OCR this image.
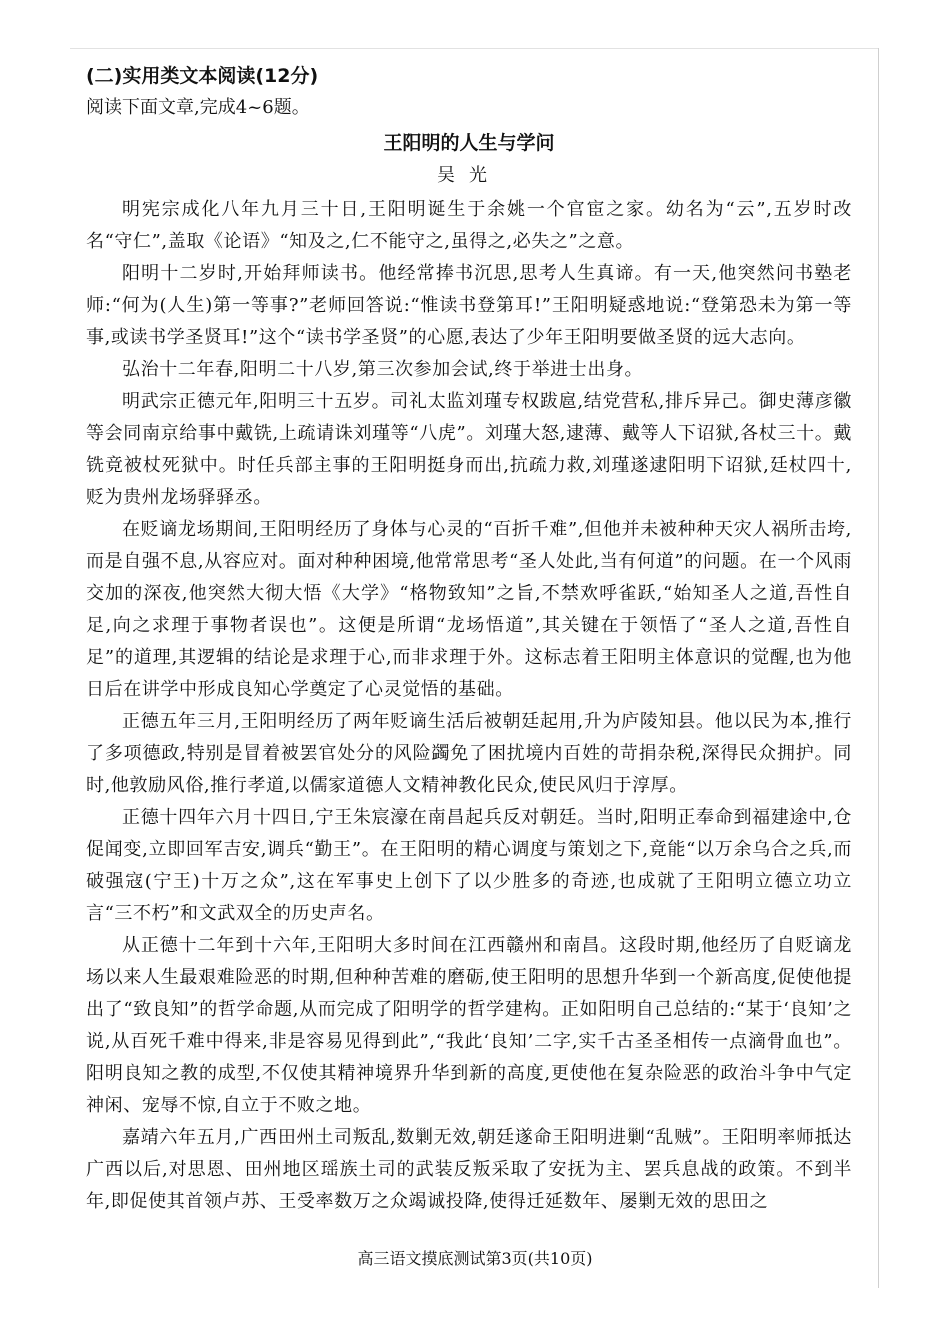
(二)实用类文本阅读(12分)

阅读下面文章,完成4~6题。

王阳明的人生与学问

吴光

明宪宗成化八年九月三十日,王阳明诞生于余姚一个官宦之家。幼名为“云”,五岁时改名“守仁”,盖取《论语》“知及之,仁不能守之,虽得之,必失之”之意。

阳明十二岁时,开始拜师读书。他经常捧书沉思,思考人生真谛。有一天,他突然问书塾老师:“何为(人生)第一等事?”老师回答说:“惟读书登第耳!”王阳明疑惑地说:“登第恐未为第一等事,或读书学圣贤耳!”这个“读书学圣贤”的心愿,表达了少年王阳明要做圣贤的远大志向。

弘治十二年春,阳明二十八岁,第三次参加会试,终于举进士出身。

明武宗正德元年,阳明三十五岁。司礼太监刘瑾专权跋扈,结党营私,排斥异己。御史薄彦徽等会同南京给事中戴铣,上疏请诛刘瑾等“八虎”。刘瑾大怒,逮薄、戴等人下诏狱,各杖三十。戴铣竟被杖死狱中。时任兵部主事的王阳明挺身而出,抗疏力救,刘瑾遂逮阳明下诏狱,廷杖四十,贬为贵州龙场驿驿丞。

在贬谪龙场期间,王阳明经历了身体与心灵的“百折千难”,但他并未被种种天灾人祸所击垮,而是自强不息,从容应对。面对种种困境,他常常思考“圣人处此,当有何道”的问题。在一个风雨交加的深夜,他突然大彻大悟《大学》“格物致知”之旨,不禁欢呼雀跃,“始知圣人之道,吾性自足,向之求理于事物者误也”。这便是所谓“龙场悟道”,其关键在于领悟了“圣人之道,吾性自足”的道理,其逻辑的结论是求理于心,而非求理于外。这标志着王阳明主体意识的觉醒,也为他日后在讲学中形成良知心学奠定了心灵觉悟的基础。

正德五年三月,王阳明经历了两年贬谪生活后被朝廷起用,升为庐陵知县。他以民为本,推行了多项德政,特别是冒着被罢官处分的风险蠲免了困扰境内百姓的苛捐杂税,深得民众拥护。同时,他敦励风俗,推行孝道,以儒家道德人文精神教化民众,使民风归于淳厚。

正德十四年六月十四日,宁王朱宸濠在南昌起兵反对朝廷。当时,阳明正奉命到福建途中,仓促闻变,立即回军吉安,调兵“勤王”。在王阳明的精心调度与策划之下,竟能“以万余乌合之兵,而破强寇(宁王)十万之众”,这在军事史上创下了以少胜多的奇迹,也成就了王阳明立德立功立言“三不朽”和文武双全的历史声名。

从正德十二年到十六年,王阳明大多时间在江西赣州和南昌。这段时期,他经历了自贬谪龙场以来人生最艰难险恶的时期,但种种苦难的磨砺,使王阳明的思想升华到一个新高度,促使他提出了“致良知”的哲学命题,从而完成了阳明学的哲学建构。正如阳明自己总结的:“某于‘良知’之说,从百死千难中得来,非是容易见得到此”,“我此‘良知’二字,实千古圣圣相传一点滴骨血也”。阳明良知之教的成型,不仅使其精神境界升华到新的高度,更使他在复杂险恶的政治斗争中气定神闲、宠辱不惊,自立于不败之地。

嘉靖六年五月,广西田州土司叛乱,数剿无效,朝廷遂命王阳明进剿“乱贼”。王阳明率师抵达广西以后,对思恩、田州地区瑶族土司的武装反叛采取了安抚为主、罢兵息战的政策。不到半年,即促使其首领卢苏、王受率数万之众竭诚投降,使得迁延数年、屡剿无效的思田之

高三语文摸底测试第3页(共10页)
